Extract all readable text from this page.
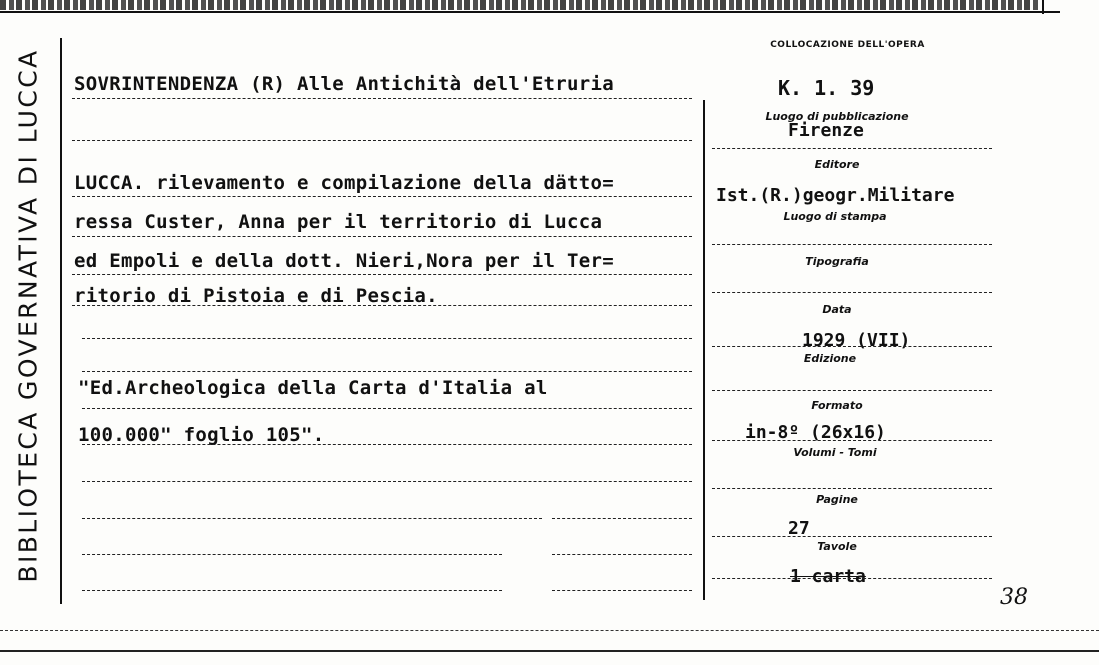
BIBLIOTECA GOVERNATIVA DI LUCCA
COLLOCAZIONE DELL'OPERA
SOVRINTENDENZA (R) Alle Antichità dell'Etruria	K. 1. 39
LUCCA. rilevamento e compilazione della dätto=
ressa Custer, Anna per il territorio di Lucca
ed Empoli e della dott. Nieri,Nora per il Ter=
ritorio di Pistoia e di Pescia.
"Ed.Archeologica della Carta d'Italia al
100.000" foglio 105".
Luogo di pubblicazione
Firenze
Editore
Ist.(R.)geogr.Militare
Luogo di stampa
Tipografia
Data
1929 (VII)
Edizione
Formato
in-8º (26x16)
Volumi - Tomi
Pagine
27
Tavole
1 carta
38
